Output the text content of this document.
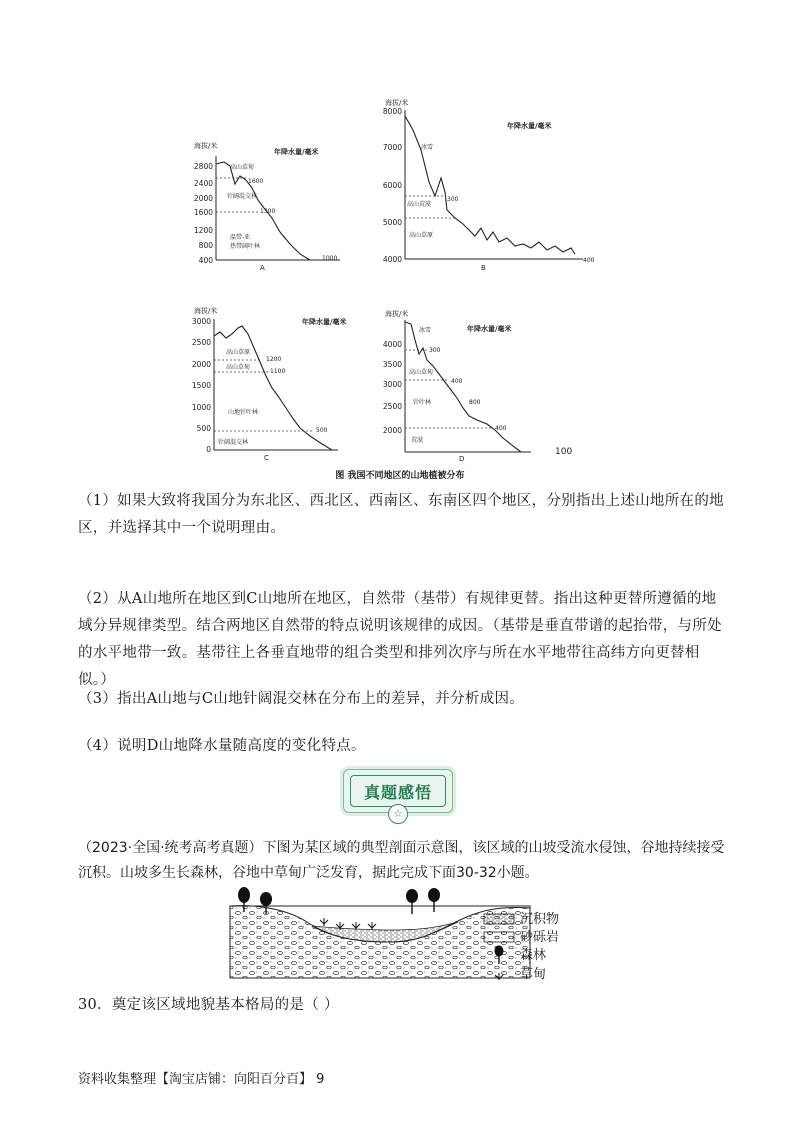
海拔/米
年降水量/毫米
2800
2400
2000
1600
1200
800
400
高山草甸
针阔混交林
温带-亚
热带阔叶林
1600
1300
1000
A
海拔/米
年降水量/毫米
8000
7000
6000
5000
4000
冰雪
高山荒漠
高山草原
300
400
B
海拔/米
年降水量/毫米
3000
2500
2000
1500
1000
500
0
高山草原
高山草甸
山地针叶林
针阔混交林
1200
1100
500
C
海拔/米
年降水量/毫米
4000
3500
3000
2500
2000
冰雪
高山草甸
针叶林
荒漠
300
400
800
400
100
D
图 我国不同地区的山地植被分布
（1）如果大致将我国分为东北区、西北区、西南区、东南区四个地区，分别指出上述山地所在的地区，并选择其中一个说明理由。
（2）从A山地所在地区到C山地所在地区，自然带（基带）有规律更替。指出这种更替所遵循的地域分异规律类型。结合两地区自然带的特点说明该规律的成因。（基带是垂直带谱的起抬带，与所处的水平地带一致。基带往上各垂直地带的组合类型和排列次序与所在水平地带往高纬方向更替相似。）
（3）指出A山地与C山地针阔混交林在分布上的差异，并分析成因。
（4）说明D山地降水量随高度的变化特点。
真题感悟
☆
（2023·全国·统考高考真题）下图为某区域的典型剖面示意图，该区域的山坡受流水侵蚀，谷地持续接受沉积。山坡多生长森林，谷地中草甸广泛发育，据此完成下面30-32小题。
沉积物
砂砾岩
森林
草甸
30．奠定该区域地貌基本格局的是（ ）
资料收集整理【淘宝店铺：向阳百分百】 9
